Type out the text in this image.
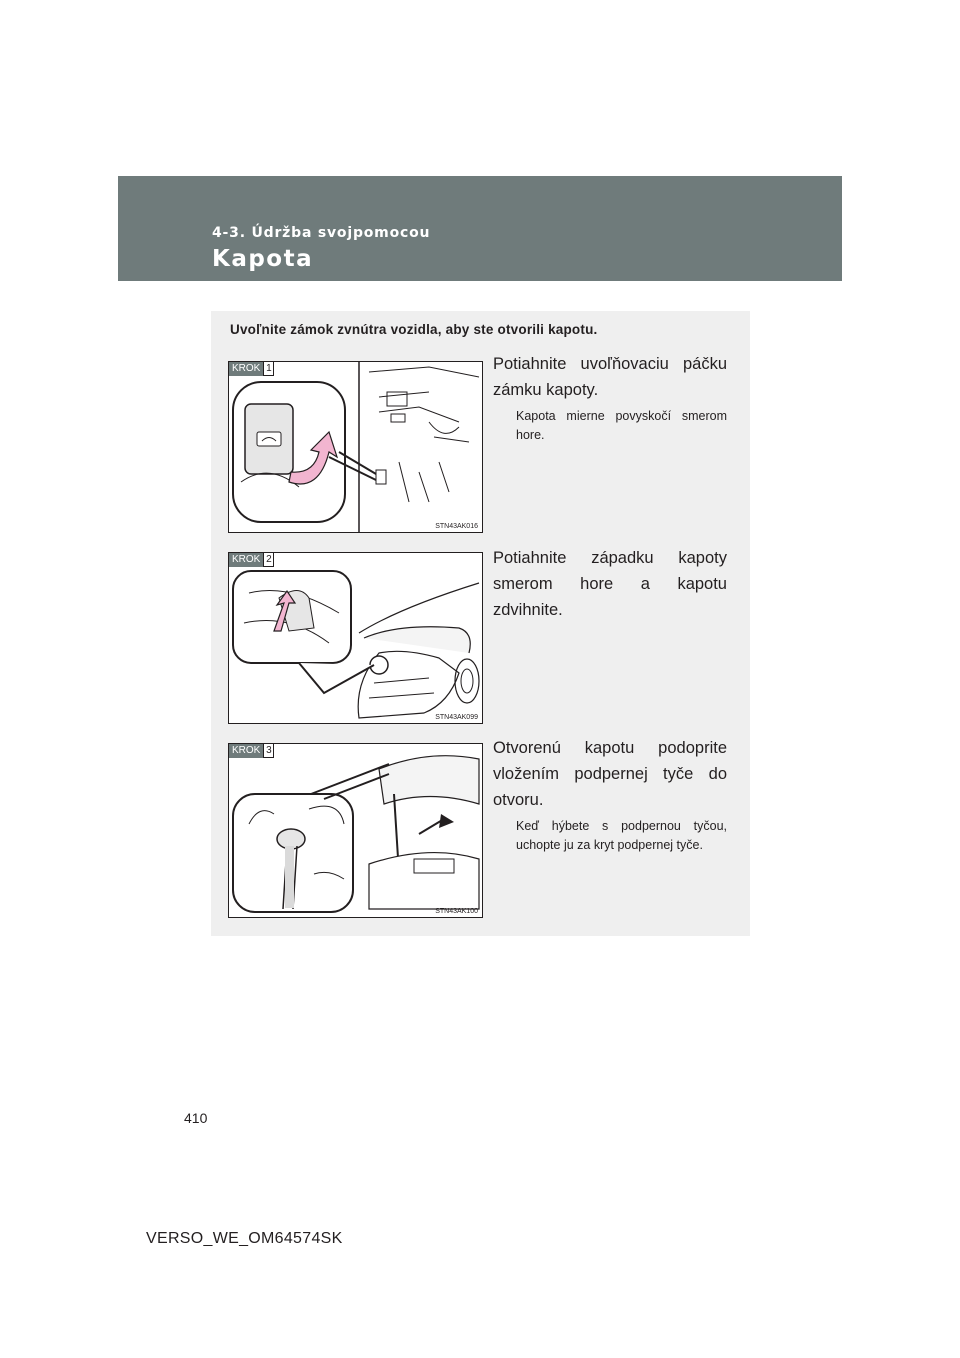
4-3. Údržba svojpomocou
Kapota
Uvoľnite zámok zvnútra vozidla, aby ste otvorili kapotu.
KROK 1
STN43AK016
Potiahnite uvoľňovaciu páčku zámku kapoty.
Kapota mierne povyskočí smerom hore.
KROK 2
STN43AK099
Potiahnite západku kapoty smerom hore a kapotu zdvihnite.
KROK 3
STN43AK100
Otvorenú kapotu podoprite vložením podpernej tyče do otvoru.
Keď hýbete s podpernou tyčou, uchopte ju za kryt podpernej tyče.
410
VERSO_WE_OM64574SK
